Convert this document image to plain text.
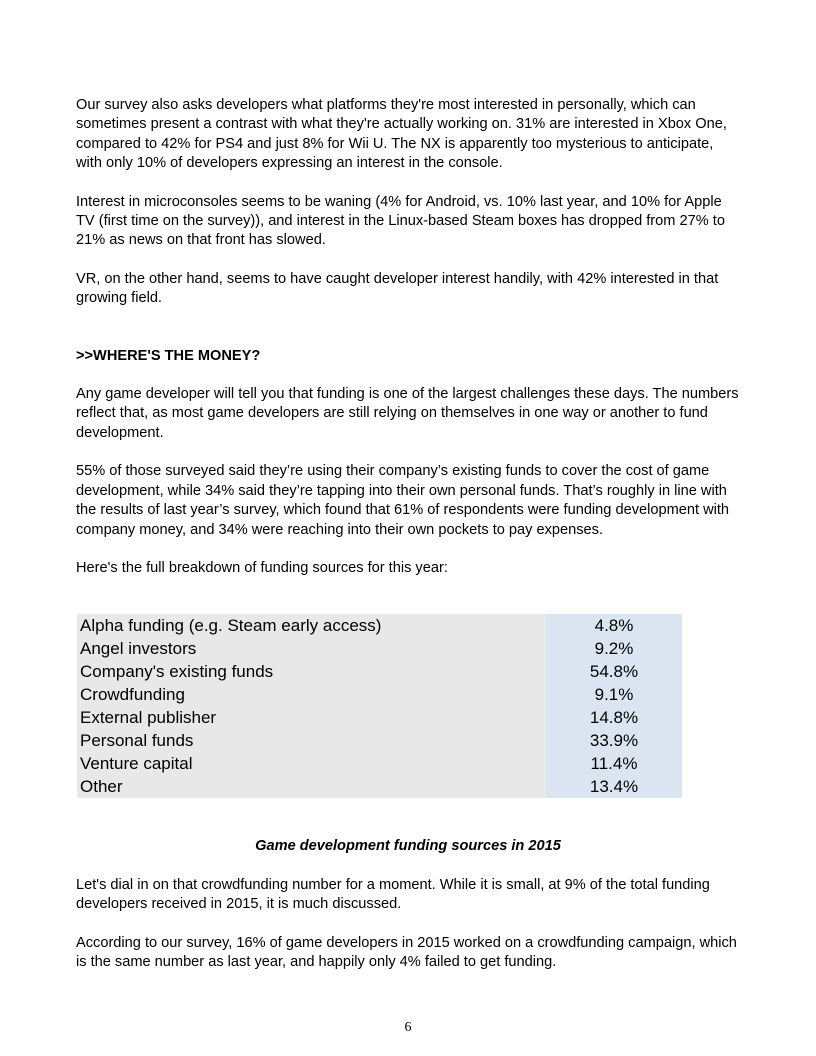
Our survey also asks developers what platforms they're most interested in personally, which can sometimes present a contrast with what they're actually working on. 31% are interested in Xbox One, compared to 42% for PS4 and just 8% for Wii U. The NX is apparently too mysterious to anticipate, with only 10% of developers expressing an interest in the console.

Interest in microconsoles seems to be waning (4% for Android, vs. 10% last year, and 10% for Apple TV (first time on the survey)), and interest in the Linux-based Steam boxes has dropped from 27% to 21% as news on that front has slowed.

VR, on the other hand, seems to have caught developer interest handily, with 42% interested in that growing field.

>>WHERE'S THE MONEY?

Any game developer will tell you that funding is one of the largest challenges these days. The numbers reflect that, as most game developers are still relying on themselves in one way or another to fund development.

55% of those surveyed said they’re using their company’s existing funds to cover the cost of game development, while 34% said they’re tapping into their own personal funds. That’s roughly in line with the results of last year’s survey, which found that 61% of respondents were funding development with company money, and 34% were reaching into their own pockets to pay expenses.

Here's the full breakdown of funding sources for this year:

Alpha funding (e.g. Steam early access)	4.8%
Angel investors	9.2%
Company's existing funds	54.8%
Crowdfunding	9.1%
External publisher	14.8%
Personal funds	33.9%
Venture capital	11.4%
Other	13.4%
Game development funding sources in 2015

Let's dial in on that crowdfunding number for a moment. While it is small, at 9% of the total funding developers received in 2015, it is much discussed.

According to our survey, 16% of game developers in 2015 worked on a crowdfunding campaign, which is the same number as last year, and happily only 4% failed to get funding.

6
